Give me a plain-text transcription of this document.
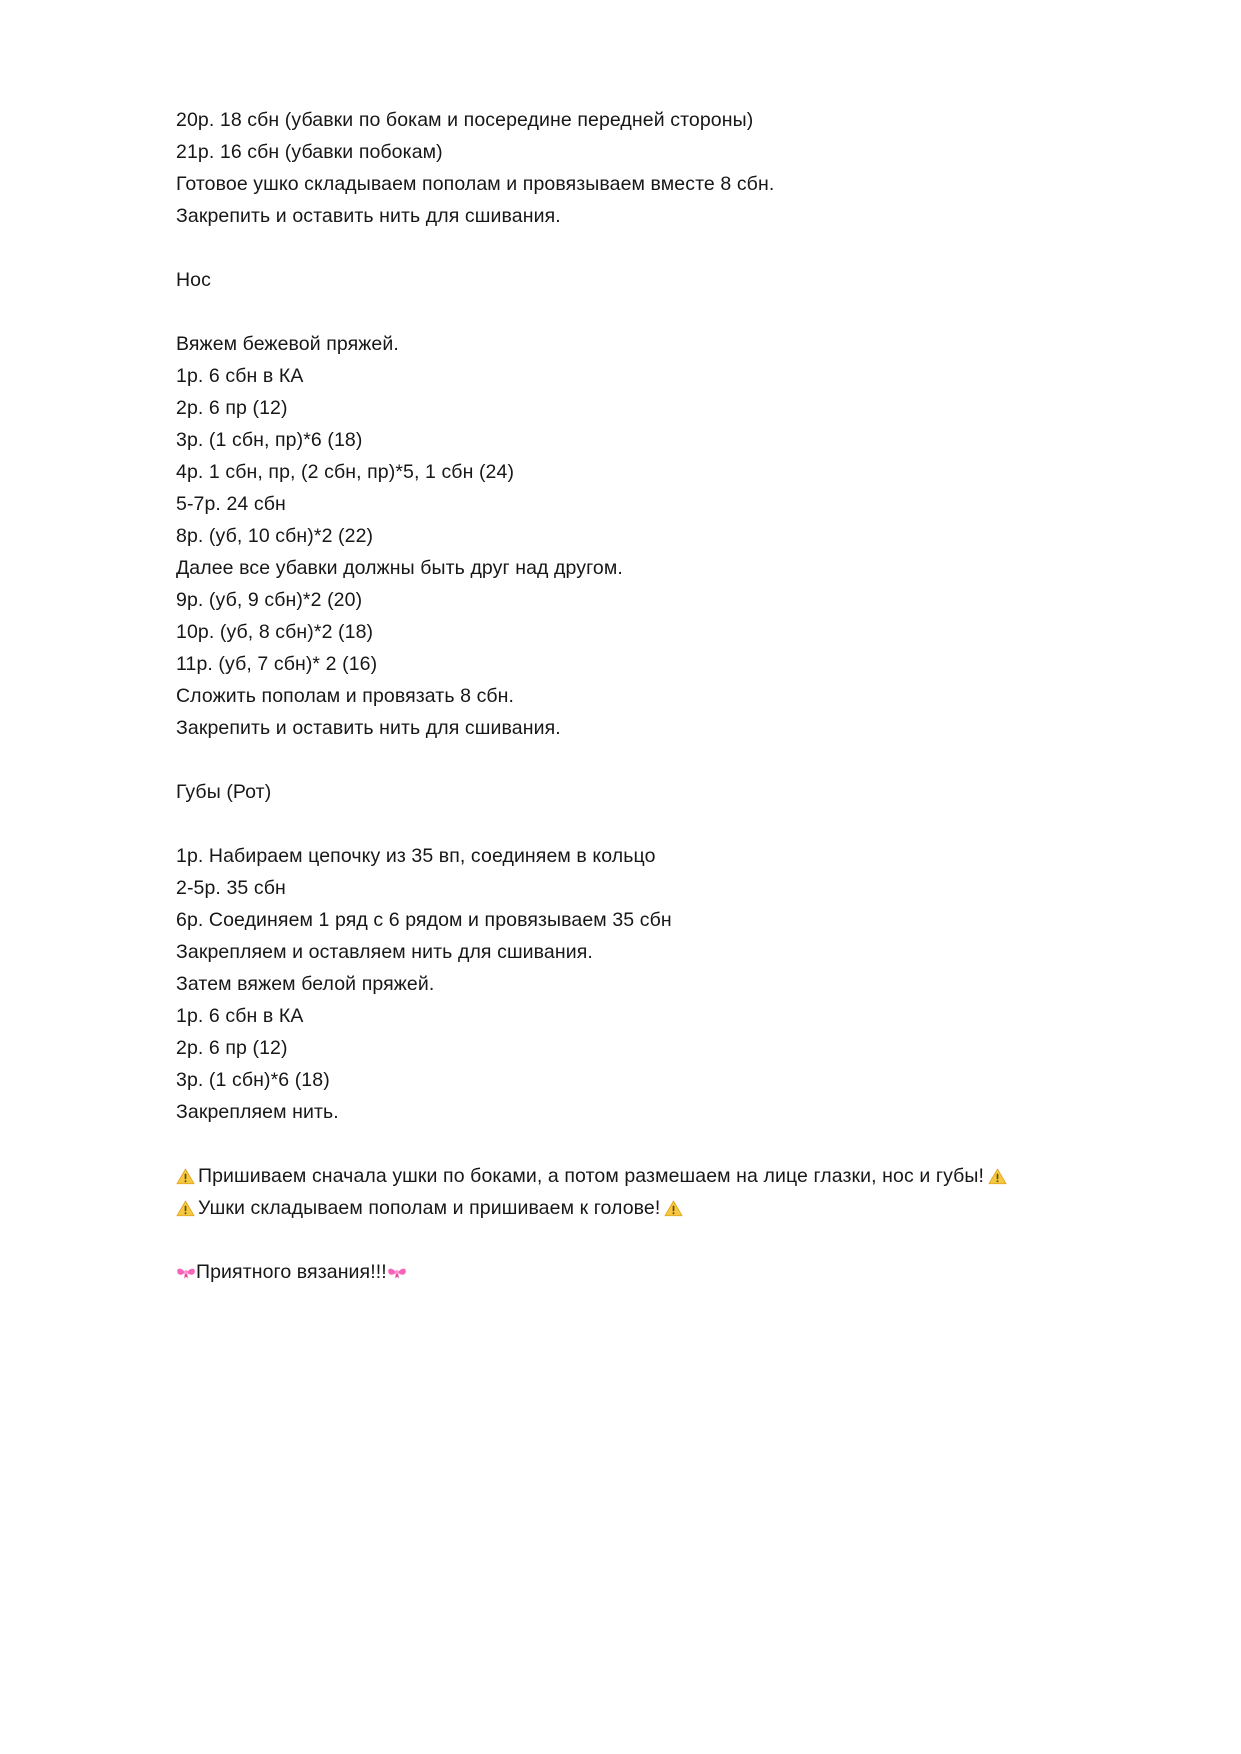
20р. 18 сбн (убавки по бокам и посередине передней стороны)
21р. 16 сбн (убавки побокам)
Готовое ушко складываем пополам и провязываем вместе 8 сбн.
Закрепить и оставить нить для сшивания.
Нос
Вяжем бежевой пряжей.
1р. 6 сбн в КА
2р. 6 пр (12)
3р. (1 сбн, пр)*6 (18)
4р. 1 сбн, пр, (2 сбн, пр)*5, 1 сбн (24)
5-7р. 24 сбн
8р. (уб, 10 сбн)*2 (22)
Далее все убавки должны быть друг над другом.
9р. (уб, 9 сбн)*2 (20)
10р. (уб, 8 сбн)*2 (18)
11р. (уб, 7 сбн)* 2 (16)
Сложить пополам и провязать 8 сбн.
Закрепить и оставить нить для сшивания.
Губы (Рот)
1р. Набираем цепочку из 35 вп, соединяем в кольцо
2-5р. 35 сбн
6р. Соединяем 1 ряд с 6 рядом и провязываем 35 сбн
Закрепляем и оставляем нить для сшивания.
Затем вяжем белой пряжей.
1р. 6 сбн в КА
2р. 6 пр (12)
3р. (1 сбн)*6 (18)
Закрепляем нить.
Пришиваем сначала ушки по боками, а потом размешаем на лице глазки, нос и губы!
Ушки складываем пополам и пришиваем к голове!
Приятного вязания!!!
